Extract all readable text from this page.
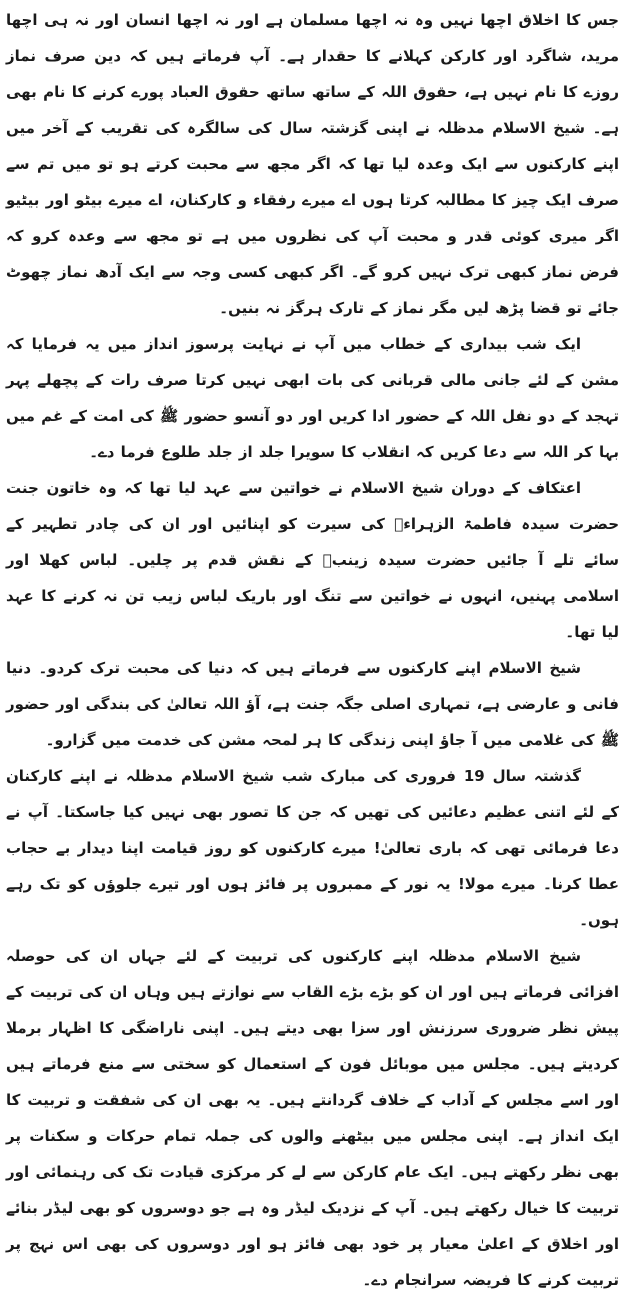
جس کا اخلاق اچھا نہیں وہ نہ اچھا مسلمان ہے اور نہ اچھا انسان اور نہ ہی اچھا مرید، شاگرد اور کارکن کہلانے کا حقدار ہے۔ آپ فرماتے ہیں کہ دین صرف نماز روزے کا نام نہیں ہے، حقوق اللہ کے ساتھ ساتھ حقوق العباد پورے کرنے کا نام بھی ہے۔ شیخ الاسلام مدظلہ نے اپنی گزشتہ سال کی سالگرہ کی تقریب کے آخر میں اپنے کارکنوں سے ایک وعدہ لیا تھا کہ اگر مجھ سے محبت کرتے ہو تو میں تم سے صرف ایک چیز کا مطالبہ کرتا ہوں اے میرے رفقاء و کارکنان، اے میرے بیٹو اور بیٹیو اگر میری کوئی قدر و محبت آپ کی نظروں میں ہے تو مجھ سے وعدہ کرو کہ فرض نماز کبھی ترک نہیں کرو گے۔ اگر کبھی کسی وجہ سے ایک آدھ نماز چھوٹ جائے تو قضا پڑھ لیں مگر نماز کے تارک ہرگز نہ بنیں۔

ایک شب بیداری کے خطاب میں آپ نے نہایت پرسوز انداز میں یہ فرمایا کہ مشن کے لئے جانی مالی قربانی کی بات ابھی نہیں کرتا صرف رات کے پچھلے پہر تہجد کے دو نفل اللہ کے حضور ادا کریں اور دو آنسو حضور ﷺ کی امت کے غم میں بہا کر اللہ سے دعا کریں کہ انقلاب کا سویرا جلد از جلد طلوع فرما دے۔

اعتکاف کے دوران شیخ الاسلام نے خواتین سے عہد لیا تھا کہ وہ خاتون جنت حضرت سیدہ فاطمۃ الزہراءؓ کی سیرت کو اپنائیں اور ان کی چادر تطہیر کے سائے تلے آ جائیں حضرت سیدہ زینبؓ کے نقش قدم پر چلیں۔ لباس کھلا اور اسلامی پہنیں، انہوں نے خواتین سے تنگ اور باریک لباس زیب تن نہ کرنے کا عہد لیا تھا۔

شیخ الاسلام اپنے کارکنوں سے فرماتے ہیں کہ دنیا کی محبت ترک کردو۔ دنیا فانی و عارضی ہے، تمہاری اصلی جگہ جنت ہے، آؤ اللہ تعالیٰ کی بندگی اور حضور ﷺ کی غلامی میں آ جاؤ اپنی زندگی کا ہر لمحہ مشن کی خدمت میں گزارو۔

گذشتہ سال 19 فروری کی مبارک شب شیخ الاسلام مدظلہ نے اپنے کارکنان کے لئے اتنی عظیم دعائیں کی تھیں کہ جن کا تصور بھی نہیں کیا جاسکتا۔ آپ نے دعا فرمائی تھی کہ باری تعالیٰ! میرے کارکنوں کو روز قیامت اپنا دیدار بے حجاب عطا کرنا۔ میرے مولا! یہ نور کے ممبروں پر فائز ہوں اور تیرے جلوؤں کو تک رہے ہوں۔

شیخ الاسلام مدظلہ اپنے کارکنوں کی تربیت کے لئے جہاں ان کی حوصلہ افزائی فرماتے ہیں اور ان کو بڑے بڑے القاب سے نوازتے ہیں وہاں ان کی تربیت کے پیش نظر ضروری سرزنش اور سزا بھی دیتے ہیں۔ اپنی ناراضگی کا اظہار برملا کردیتے ہیں۔ مجلس میں موبائل فون کے استعمال کو سختی سے منع فرماتے ہیں اور اسے مجلس کے آداب کے خلاف گردانتے ہیں۔ یہ بھی ان کی شفقت و تربیت کا ایک انداز ہے۔ اپنی مجلس میں بیٹھنے والوں کی جملہ تمام حرکات و سکنات پر بھی نظر رکھتے ہیں۔ ایک عام کارکن سے لے کر مرکزی قیادت تک کی رہنمائی اور تربیت کا خیال رکھتے ہیں۔ آپ کے نزدیک لیڈر وہ ہے جو دوسروں کو بھی لیڈر بنائے اور اخلاق کے اعلیٰ معیار پر خود بھی فائز ہو اور دوسروں کی بھی اس نہج پر تربیت کرنے کا فریضہ سرانجام دے۔
